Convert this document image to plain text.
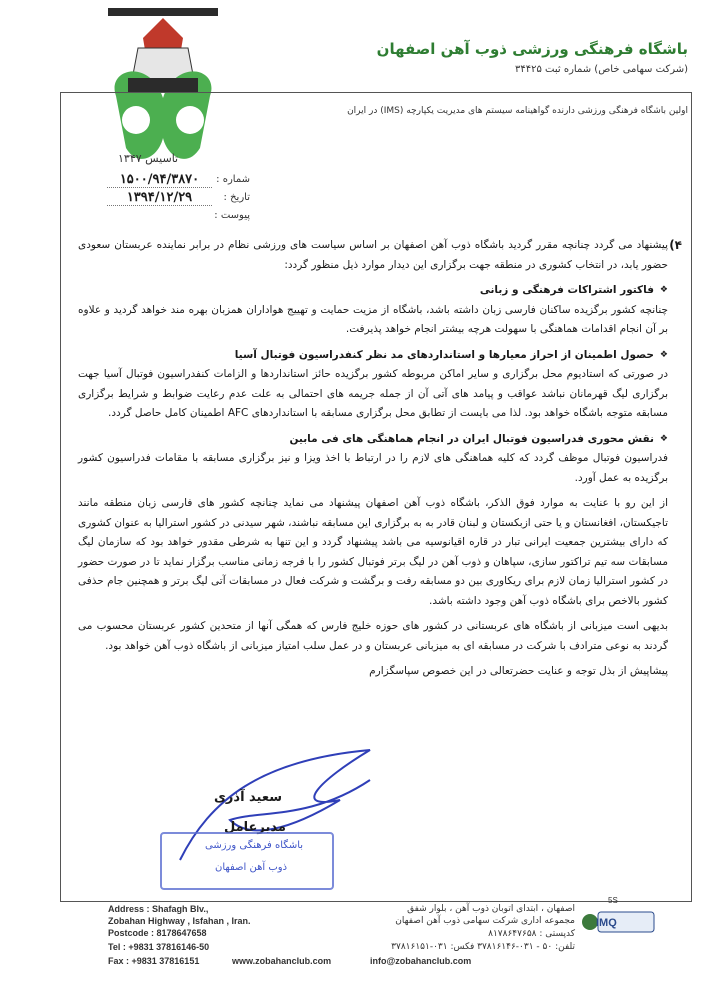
باشگاه فرهنگی ورزشی ذوب آهن اصفهان
(شرکت سهامی خاص) شماره ثبت ۳۴۴۲۵
اولین باشگاه فرهنگی ورزشی دارنده گواهینامه سیستم های مدیریت یکپارچه (IMS) در ایران
تاسیس ۱۳۴۷
شماره :
۱۵۰۰/۹۴/۳۸۷۰
تاریخ :
۱۳۹۴/۱۲/۲۹
پیوست :
۴)

پیشنهاد می گردد چنانچه مقرر گردید باشگاه ذوب آهن اصفهان بر اساس سیاست های ورزشی نظام در برابر نماینده عربستان سعودی حضور یابد، در انتخاب کشوری در منطقه جهت برگزاری این دیدار موارد ذیل منظور گردد:

❖ فاکتور اشتراکات فرهنگی و زبانی

چنانچه کشور برگزیده ساکنان فارسی زبان داشته باشد، باشگاه از مزیت حمایت و تهییج هواداران همزبان بهره مند خواهد گردید و علاوه بر آن انجام اقدامات هماهنگی با سهولت هرچه بیشتر انجام خواهد پذیرفت.

❖ حصول اطمینان از احراز معیارها و استانداردهای مد نظر کنفدراسیون فوتبال آسیا

در صورتی که استادیوم محل برگزاری و سایر اماکن مربوطه کشور برگزیده حائز استانداردها و الزامات کنفدراسیون فوتبال آسیا جهت برگزاری لیگ قهرمانان نباشد عواقب و پیامد های آتی آن از جمله جریمه های احتمالی به علت عدم رعایت ضوابط و شرایط برگزاری مسابقه متوجه باشگاه خواهد بود. لذا می بایست از تطابق محل برگزاری مسابقه با استانداردهای AFC اطمینان کامل حاصل گردد.

❖ نقش محوری فدراسیون فوتبال ایران در انجام هماهنگی های فی مابین

فدراسیون فوتبال موظف گردد که کلیه هماهنگی های لازم را در ارتباط با اخذ ویزا و نیز برگزاری مسابقه با مقامات فدراسیون کشور برگزیده به عمل آورد.

از این رو با عنایت به موارد فوق الذکر، باشگاه ذوب آهن اصفهان پیشنهاد می نماید چنانچه کشور های فارسی زبان منطقه مانند تاجیکستان، افغانستان و یا حتی ازبکستان و لبنان قادر به به برگزاری این مسابقه نباشند، شهر سیدنی در کشور استرالیا به عنوان کشوری که دارای بیشترین جمعیت ایرانی تبار در قاره اقیانوسیه می باشد پیشنهاد گردد و این تنها به شرطی مقدور خواهد بود که سازمان لیگ مسابقات سه تیم تراکتور سازی، سپاهان و ذوب آهن در لیگ برتر فوتبال کشور را با فرجه زمانی مناسب برگزار نماید تا در صورت حضور در کشور استرالیا زمان لازم برای ریکاوری بین دو مسابقه رفت و برگشت و شرکت فعال در مسابقات آتی لیگ برتر و همچنین جام حذفی کشور بالاخص برای باشگاه ذوب آهن وجود داشته باشد.

بدیهی است میزبانی از باشگاه های عربستانی در کشور های حوزه خلیج فارس که همگی آنها از متحدین کشور عربستان محسوب می گردند به نوعی مترادف با شرکت در مسابقه ای به میزبانی عربستان و در عمل سلب امتیاز میزبانی از باشگاه ذوب آهن خواهد بود.

پیشاپیش از بذل توجه و عنایت حضرتعالی در این خصوص سپاسگزارم

سعید آذری
مدیرعامل
باشگاه فرهنگی ورزشی
ذوب آهن اصفهان
Address : Shafagh Blv.,
Zobahan Highway , Isfahan , Iran.
Postcode : 8178647658
Tel : +9831 37816146-50
Fax : +9831 37816151
اصفهان ، ابتدای اتوبان ذوب آهن ، بلوار شفق
مجموعه اداری شرکت سهامی ذوب آهن اصفهان
کدپستی : ۸۱۷۸۶۴۷۶۵۸
تلفن: ۵۰ - ۰۳۱-۳۷۸۱۶۱۴۶ فکس: ۰۳۱-۳۷۸۱۶۱۵۱
www.zobahanclub.com	info@zobahanclub.com
5S
IMQ
